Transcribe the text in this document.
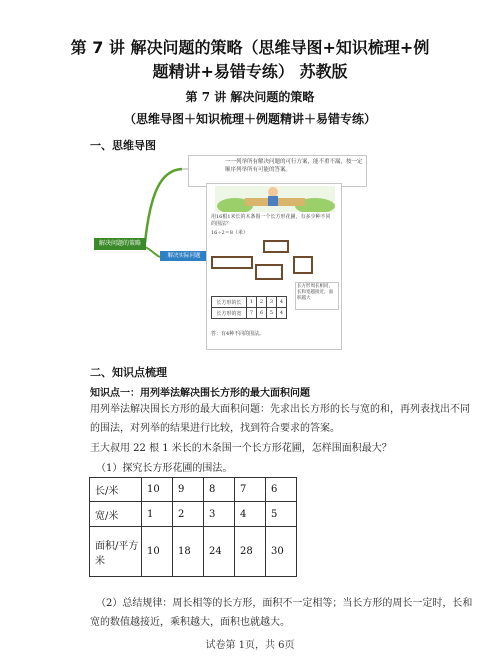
第 7 讲 解决问题的策略（思维导图+知识梳理+例
题精讲+易错专练） 苏教版
第 7 讲 解决问题的策略
（思维导图＋知识梳理＋例题精讲＋易错专练）
一、思维导图
解决问题的策略
解决实际问题
一一列举所有解决问题的可行方案，能不重不漏，按一定顺序列举所有可能的答案。
用16根1米长的木条围一个长方形花圃，有多少种不同的围法？
16÷2＝8（米）
长方形周长相同，长和宽越接近，面积越大
长方形的长	1	2	3	4
长方形的宽	7	6	5	4
答：有4种不同的围法。
二、知识点梳理
知识点一：用列举法解决围长方形的最大面积问题
用列举法解决围长方形的最大面积问题：先求出长方形的长与宽的和，再列表找出不同
的围法，对列举的结果进行比较，找到符合要求的答案。
王大叔用 22 根 1 米长的木条围一个长方形花圃，怎样围面积最大？
（1）探究长方形花圃的围法。
长/米	10	9	8	7	6
宽/米	1	2	3	4	5

面积/平方
米	10	18	24	28	30
（2）总结规律：周长相等的长方形，面积不一定相等；当长方形的周长一定时，长和
宽的数值越接近，乘积越大，面积也就越大。
试卷第 1页，共 6页
